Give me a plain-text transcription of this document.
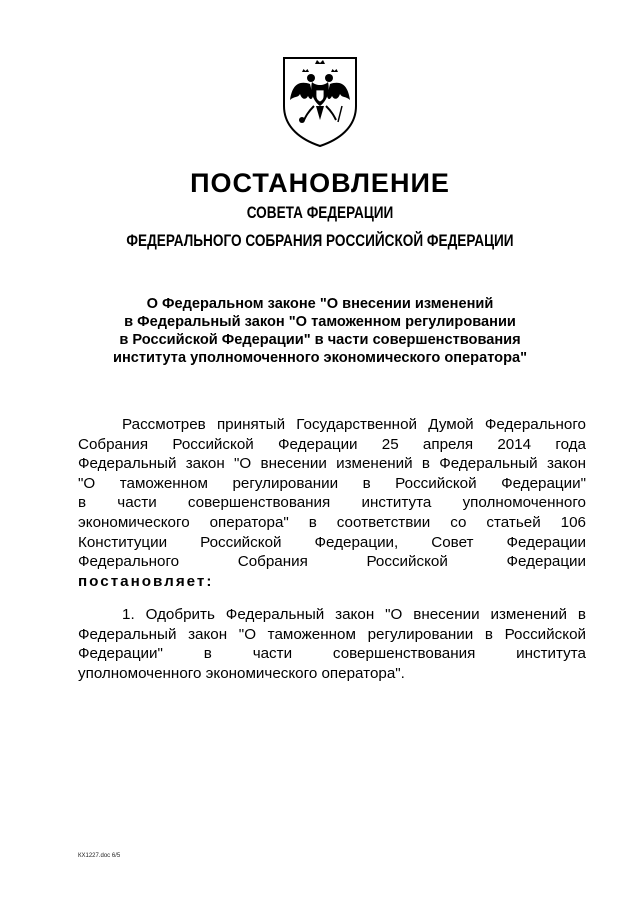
ПОСТАНОВЛЕНИЕ
СОВЕТА ФЕДЕРАЦИИ
ФЕДЕРАЛЬНОГО СОБРАНИЯ РОССИЙСКОЙ ФЕДЕРАЦИИ
О Федеральном законе "О внесении изменений
в Федеральный закон "О таможенном регулировании
в Российской Федерации" в части совершенствования
института уполномоченного экономического оператора"
Рассмотрев принятый Государственной Думой Федерального
Собрания Российской Федерации 25 апреля 2014 года
Федеральный закон "О внесении изменений в Федеральный закон
"О таможенном регулировании в Российской Федерации"
в части совершенствования института уполномоченного
экономического оператора" в соответствии со статьей 106
Конституции Российской Федерации, Совет Федерации
Федерального Собрания Российской Федерации
постановляет:
1. Одобрить Федеральный закон "О внесении изменений в
Федеральный закон "О таможенном регулировании в Российской
Федерации" в части совершенствования института
уполномоченного экономического оператора".
КХ1227.doc 6/5
